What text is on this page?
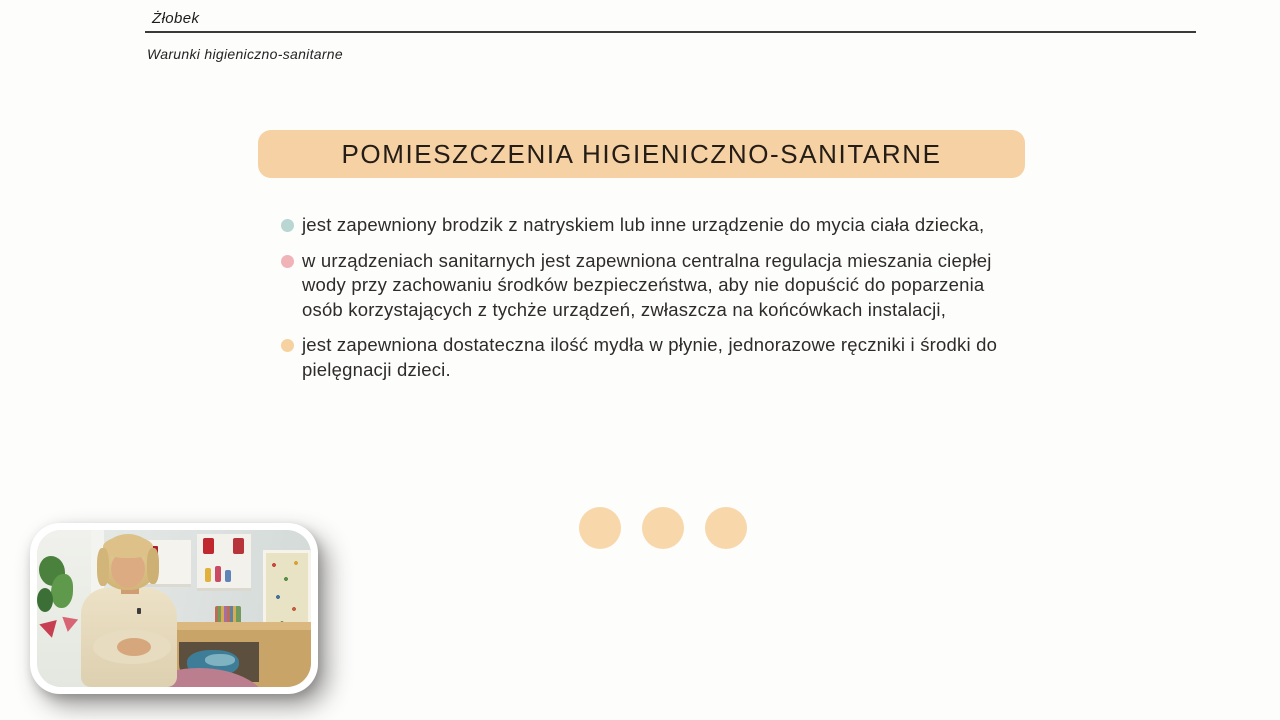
Żłobek
Warunki higieniczno-sanitarne
POMIESZCZENIA HIGIENICZNO-SANITARNE
jest zapewniony brodzik z natryskiem lub inne urządzenie do mycia ciała dziecka,
w urządzeniach sanitarnych jest zapewniona centralna regulacja mieszania ciepłej wody przy zachowaniu środków bezpieczeństwa, aby nie dopuścić do poparzenia osób korzystających z tychże urządzeń, zwłaszcza na końcówkach instalacji,
jest zapewniona dostateczna ilość mydła w płynie, jednorazowe ręczniki i środki do pielęgnacji dzieci.
